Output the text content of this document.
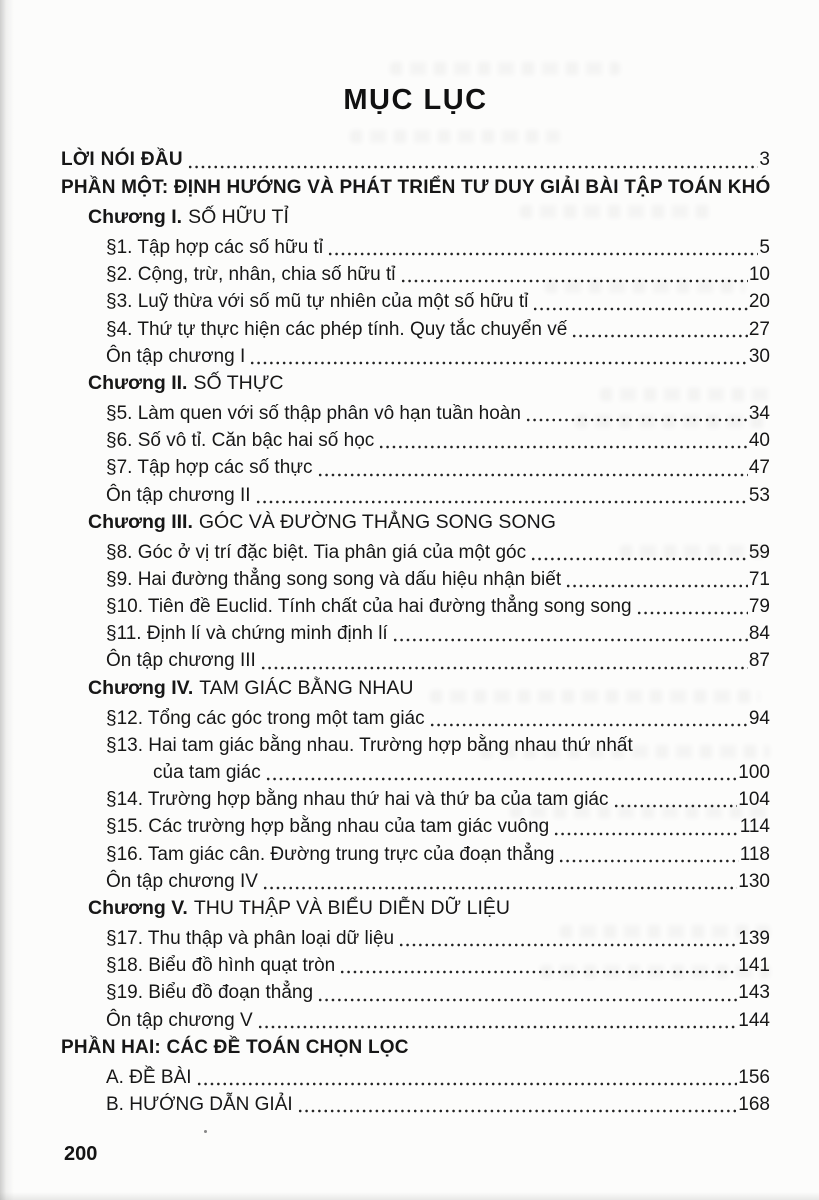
MỤC LỤC
LỜI NÓI ĐẦU	3
PHẦN MỘT: ĐỊNH HƯỚNG VÀ PHÁT TRIỂN TƯ DUY GIẢI BÀI TẬP TOÁN KHÓ
Chương I. SỐ HỮU TỈ
§1. Tập hợp các số hữu tỉ	5
§2. Cộng, trừ, nhân, chia số hữu tỉ	10
§3. Luỹ thừa với số mũ tự nhiên của một số hữu tỉ	20
§4. Thứ tự thực hiện các phép tính. Quy tắc chuyển vế	27
Ôn tập chương I	30
Chương II. SỐ THỰC
§5. Làm quen với số thập phân vô hạn tuần hoàn	34
§6. Số vô tỉ. Căn bậc hai số học	40
§7. Tập hợp các số thực	47
Ôn tập chương II	53
Chương III. GÓC VÀ ĐƯỜNG THẲNG SONG SONG
§8. Góc ở vị trí đặc biệt. Tia phân giá của một góc	59
§9. Hai đường thẳng song song và dấu hiệu nhận biết	71
§10. Tiên đề Euclid. Tính chất của hai đường thẳng song song	79
§11. Định lí và chứng minh định lí	84
Ôn tập chương III	87
Chương IV. TAM GIÁC BẰNG NHAU
§12. Tổng các góc trong một tam giác	94
§13. Hai tam giác bằng nhau. Trường hợp bằng nhau thứ nhất
của tam giác	100
§14. Trường hợp bằng nhau thứ hai và thứ ba của tam giác	104
§15. Các trường hợp bằng nhau của tam giác vuông	114
§16. Tam giác cân. Đường trung trực của đoạn thẳng	118
Ôn tập chương IV	130
Chương V. THU THẬP VÀ BIỂU DIỄN DỮ LIỆU
§17. Thu thập và phân loại dữ liệu	139
§18. Biểu đồ hình quạt tròn	141
§19. Biểu đồ đoạn thẳng	143
Ôn tập chương V	144
PHẦN HAI: CÁC ĐỀ TOÁN CHỌN LỌC
A. ĐỀ BÀI	156
B. HƯỚNG DẪN GIẢI	168
200
